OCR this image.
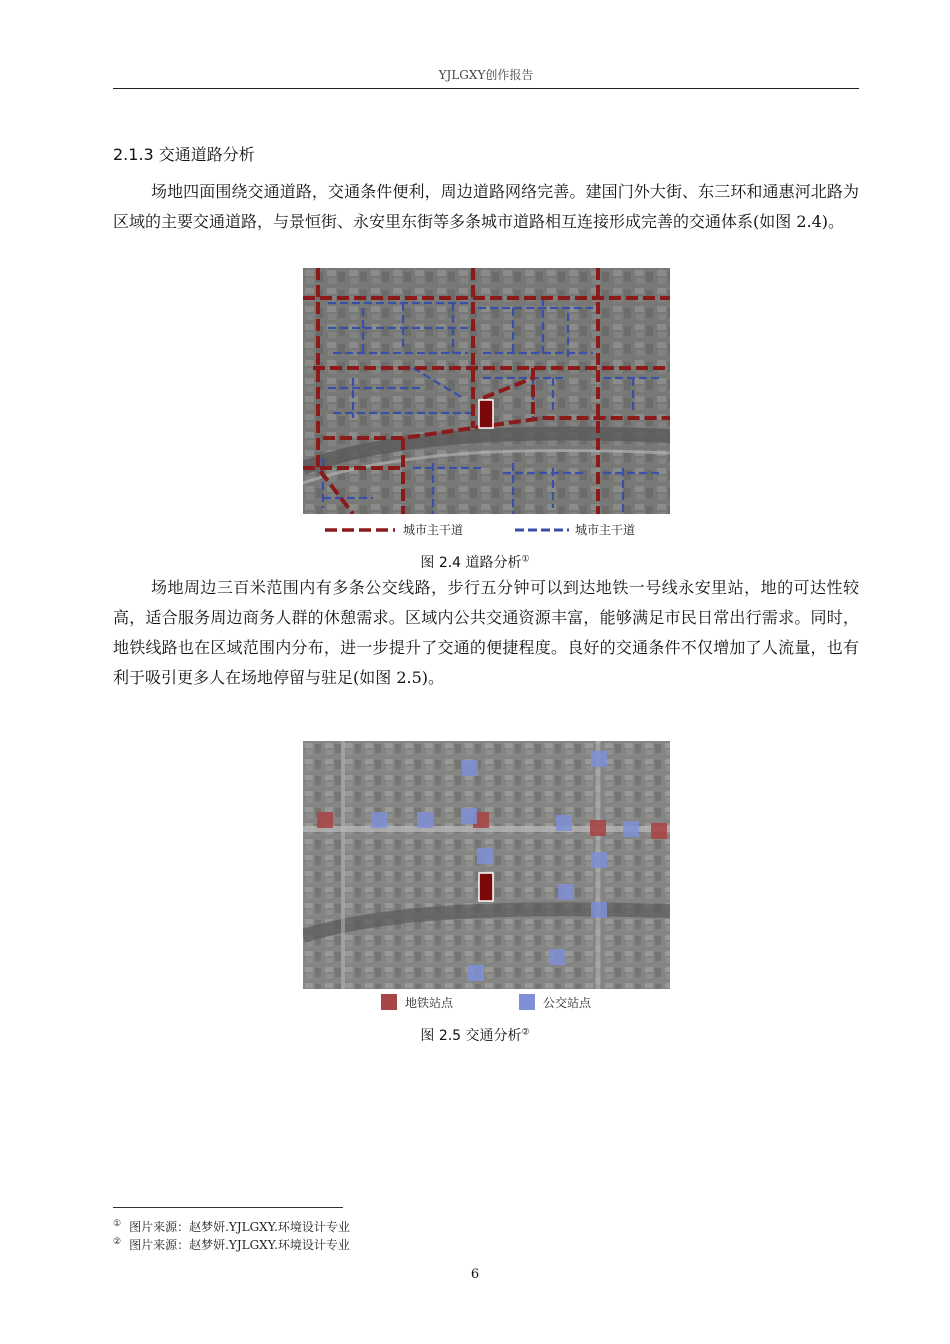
YJLGXY创作报告
2.1.3 交通道路分析
场地四面围绕交通道路，交通条件便利，周边道路网络完善。建国门外大街、东三环和通惠河北路为区域的主要交通道路，与景恒街、永安里东街等多条城市道路相互连接形成完善的交通体系(如图 2.4)。
城市主干道	城市主干道
图 2.4 道路分析①
场地周边三百米范围内有多条公交线路，步行五分钟可以到达地铁一号线永安里站，地的可达性较高，适合服务周边商务人群的休憩需求。区域内公共交通资源丰富，能够满足市民日常出行需求。同时，地铁线路也在区域范围内分布，进一步提升了交通的便捷程度。良好的交通条件不仅增加了人流量，也有利于吸引更多人在场地停留与驻足(如图 2.5)。
地铁站点	公交站点
图 2.5 交通分析②
① 图片来源：赵梦妍.YJLGXY.环境设计专业
② 图片来源：赵梦妍.YJLGXY.环境设计专业
6
